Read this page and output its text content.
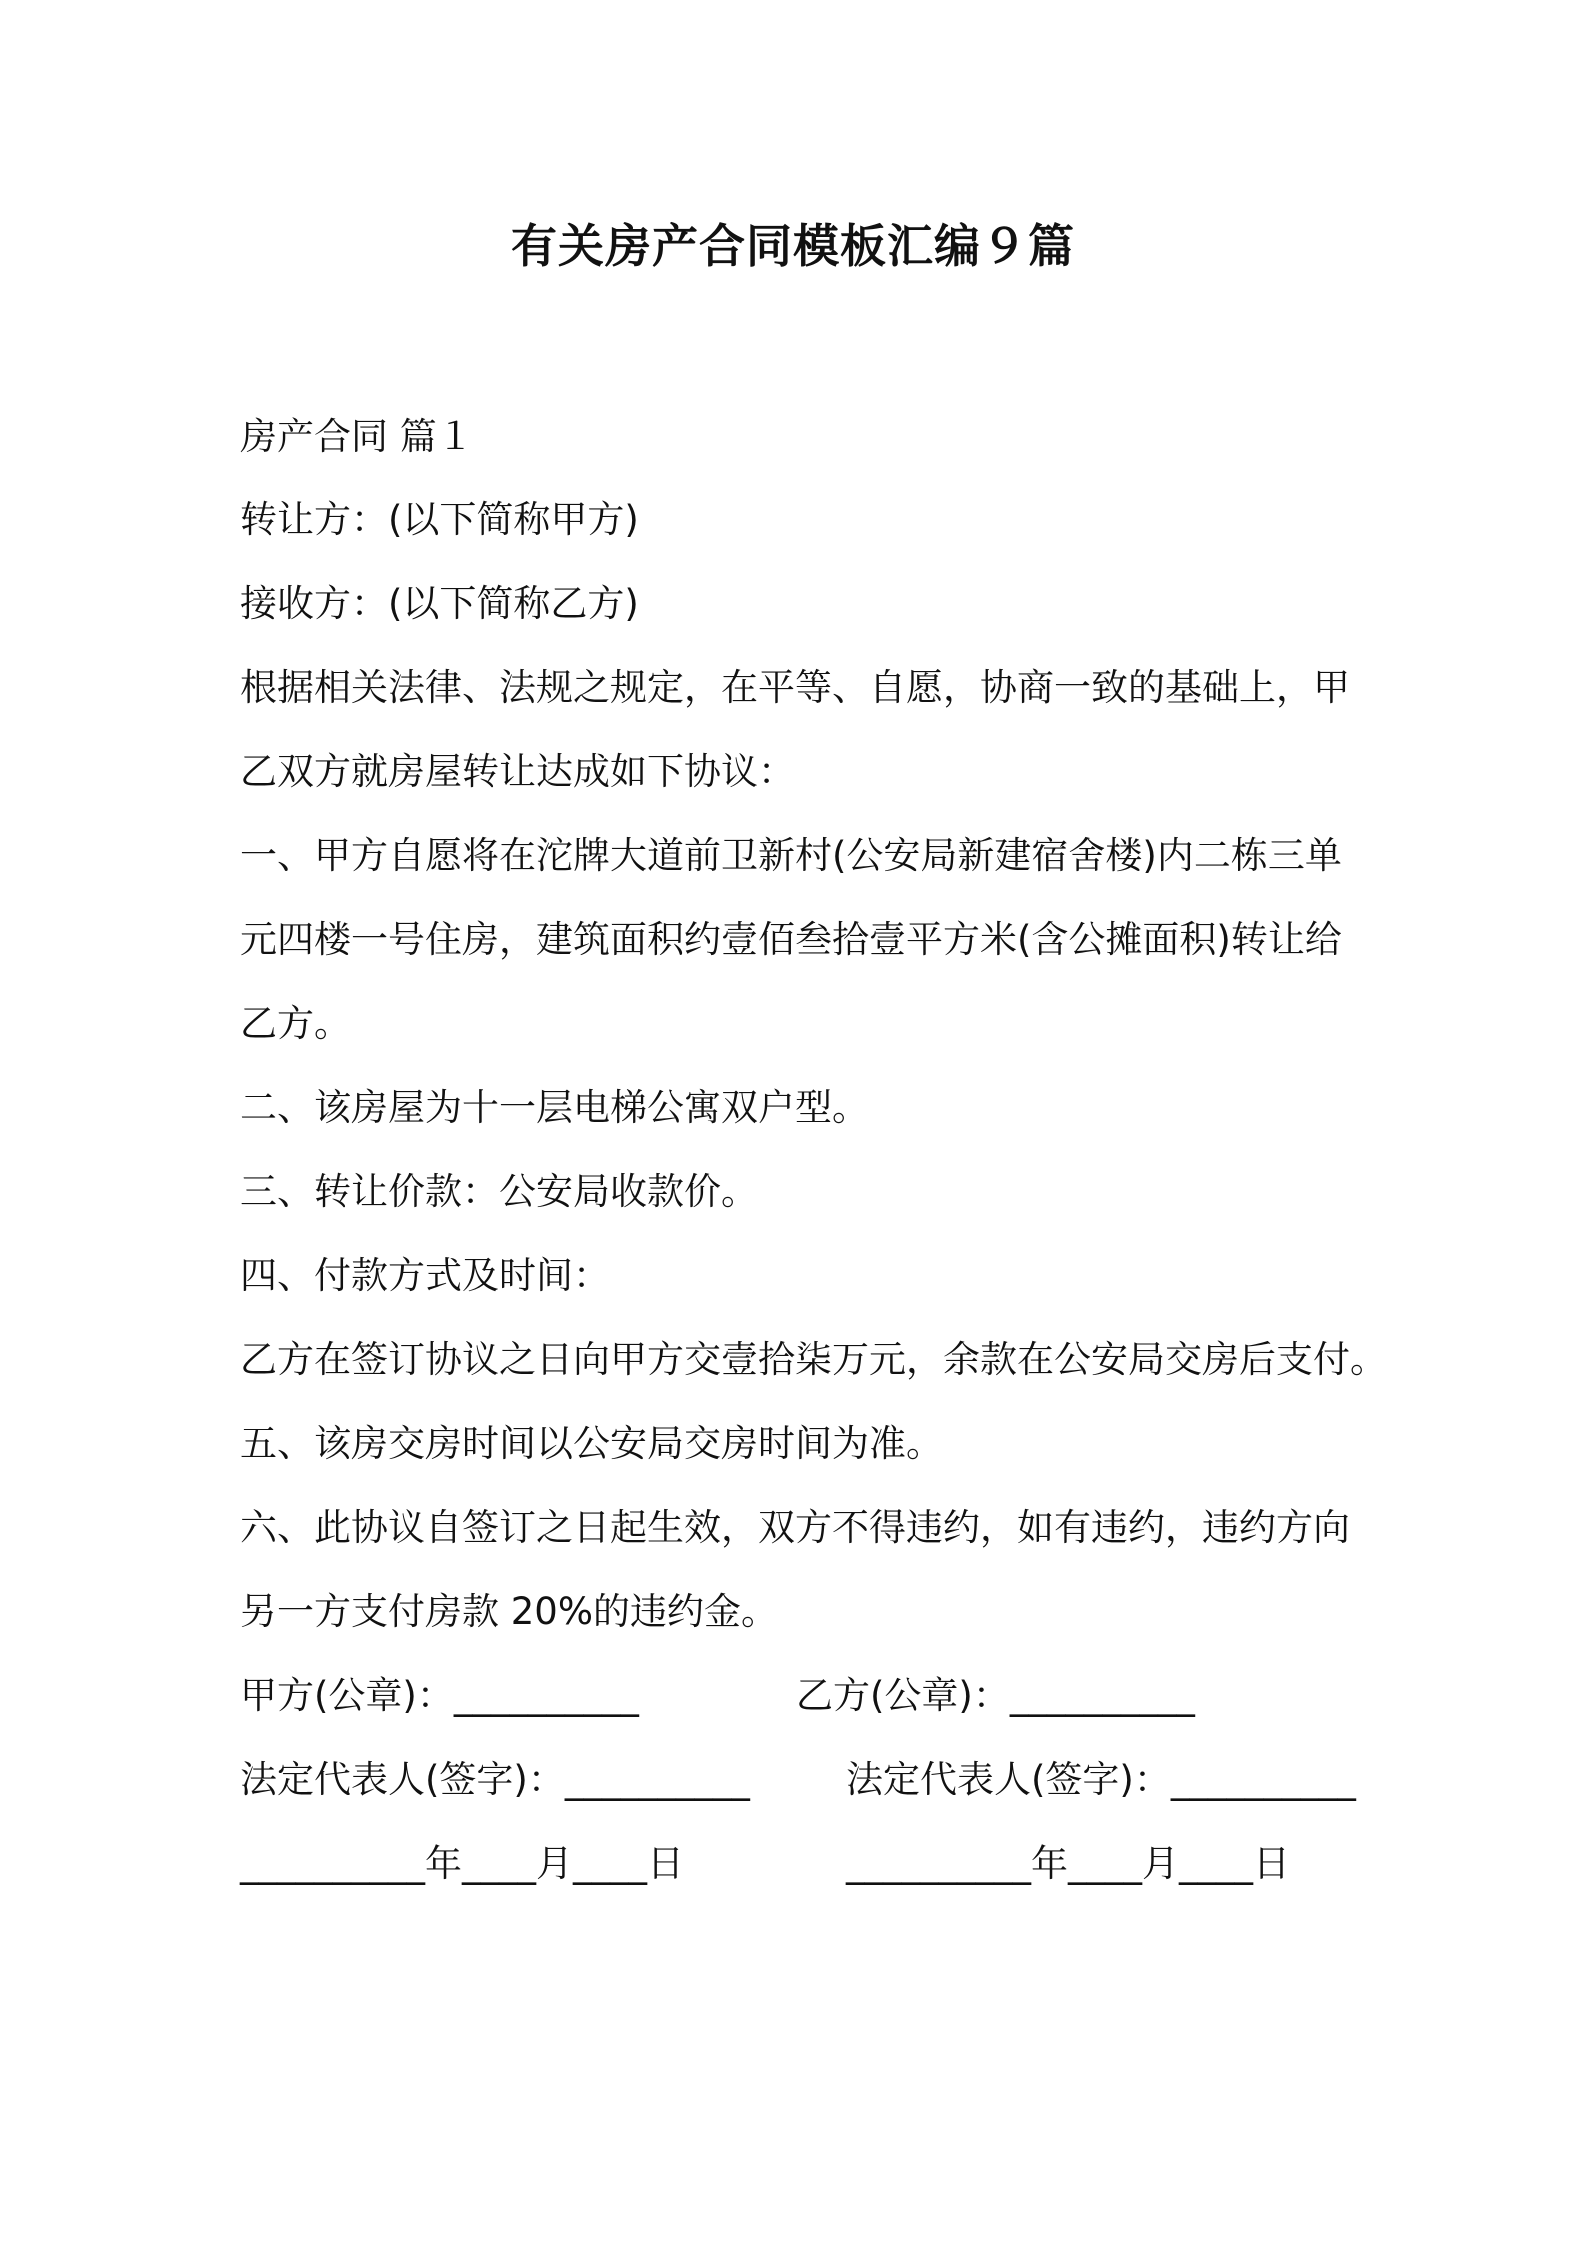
有关房产合同模板汇编９篇
房产合同 篇１
转让方：(以下简称甲方)
接收方：(以下简称乙方)
根据相关法律、法规之规定，在平等、自愿，协商一致的基础上，甲
乙双方就房屋转让达成如下协议：
一、甲方自愿将在沱牌大道前卫新村(公安局新建宿舍楼)内二栋三单
元四楼一号住房，建筑面积约壹佰叁拾壹平方米(含公摊面积)转让给
乙方。
二、该房屋为十一层电梯公寓双户型。
三、转让价款：公安局收款价。
四、付款方式及时间：
乙方在签订协议之日向甲方交壹拾柒万元，余款在公安局交房后支付。
五、该房交房时间以公安局交房时间为准。
六、此协议自签订之日起生效，双方不得违约，如有违约，违约方向
另一方支付房款 20%的违约金。
甲方(公章)：__________	乙方(公章)：__________
法定代表人(签字)：__________	法定代表人(签字)：__________
__________年____月____日	__________年____月____日
